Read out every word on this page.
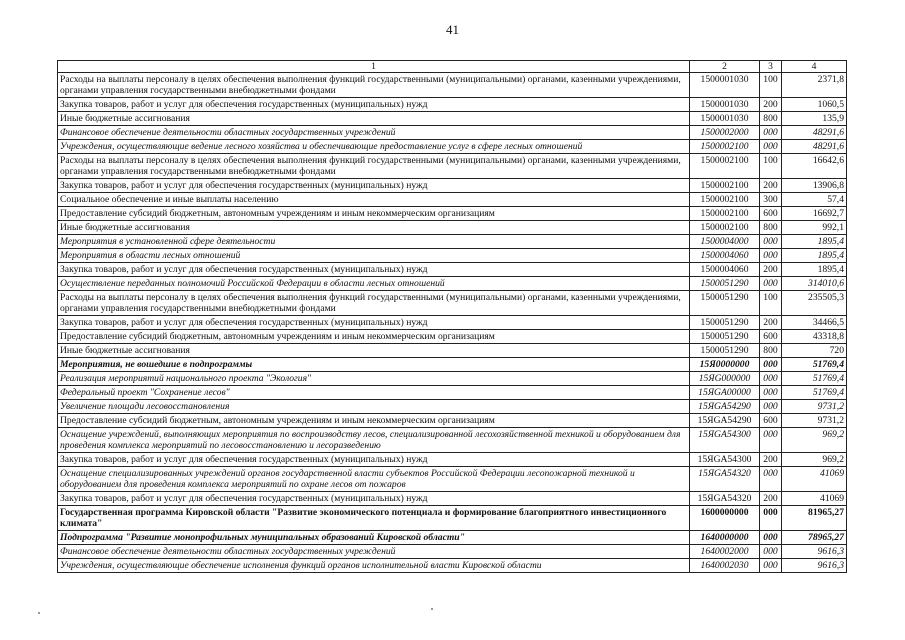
41
1	2	3	4
Расходы на выплаты персоналу в целях обеспечения выполнения функций государственными (муниципальными) органами, казенными учреждениями, органами управления государственными внебюджетными фондами	1500001030	100	2371,8
Закупка товаров, работ и услуг для обеспечения государственных (муниципальных) нужд	1500001030	200	1060,5
Иные бюджетные ассигнования	1500001030	800	135,9
Финансовое обеспечение деятельности областных государственных учреждений	1500002000	000	48291,6
Учреждения, осуществляющие ведение лесного хозяйства и обеспечивающие предоставление услуг в сфере лесных отношений	1500002100	000	48291,6
Расходы на выплаты персоналу в целях обеспечения выполнения функций государственными (муниципальными) органами, казенными учреждениями, органами управления государственными внебюджетными фондами	1500002100	100	16642,6
Закупка товаров, работ и услуг для обеспечения государственных (муниципальных) нужд	1500002100	200	13906,8
Социальное обеспечение и иные выплаты населению	1500002100	300	57,4
Предоставление субсидий бюджетным, автономным учреждениям и иным некоммерческим организациям	1500002100	600	16692,7
Иные бюджетные ассигнования	1500002100	800	992,1
Мероприятия в установленной сфере деятельности	1500004000	000	1895,4
Мероприятия в области лесных отношений	1500004060	000	1895,4
Закупка товаров, работ и услуг для обеспечения государственных (муниципальных) нужд	1500004060	200	1895,4
Осуществление переданных полномочий Российской Федерации в области лесных отношений	1500051290	000	314010,6
Расходы на выплаты персоналу в целях обеспечения выполнения функций государственными (муниципальными) органами, казенными учреждениями, органами управления государственными внебюджетными фондами	1500051290	100	235505,3
Закупка товаров, работ и услуг для обеспечения государственных (муниципальных) нужд	1500051290	200	34466,5
Предоставление субсидий бюджетным, автономным учреждениям и иным некоммерческим организациям	1500051290	600	43318,8
Иные бюджетные ассигнования	1500051290	800	720
Мероприятия, не вошедшие в подпрограммы	15Я0000000	000	51769,4
Реализация мероприятий национального проекта "Экология"	15ЯG000000	000	51769,4
Федеральный проект "Сохранение лесов"	15ЯGA00000	000	51769,4
Увеличение площади лесовосстановления	15ЯGA54290	000	9731,2
Предоставление субсидий бюджетным, автономным учреждениям и иным некоммерческим организациям	15ЯGA54290	600	9731,2
Оснащение учреждений, выполняющих мероприятия по воспроизводству лесов, специализированной лесохозяйственной техникой и оборудованием для проведения комплекса мероприятий по лесовосстановлению и лесоразведению	15ЯGA54300	000	969,2
Закупка товаров, работ и услуг для обеспечения государственных (муниципальных) нужд	15ЯGA54300	200	969,2
Оснащение специализированных учреждений органов государственной власти субъектов Российской Федерации лесопожарной техникой и оборудованием для проведения комплекса мероприятий по охране лесов от пожаров	15ЯGA54320	000	41069
Закупка товаров, работ и услуг для обеспечения государственных (муниципальных) нужд	15ЯGA54320	200	41069
Государственная программа Кировской области "Развитие экономического потенциала и формирование благоприятного инвестиционного климата"	1600000000	000	81965,27
Подпрограмма "Развитие монопрофильных муниципальных образований Кировской области"	1640000000	000	78965,27
Финансовое обеспечение деятельности областных государственных учреждений	1640002000	000	9616,3
Учреждения, осуществляющие обеспечение исполнения функций органов исполнительной власти Кировской области	1640002030	000	9616,3
